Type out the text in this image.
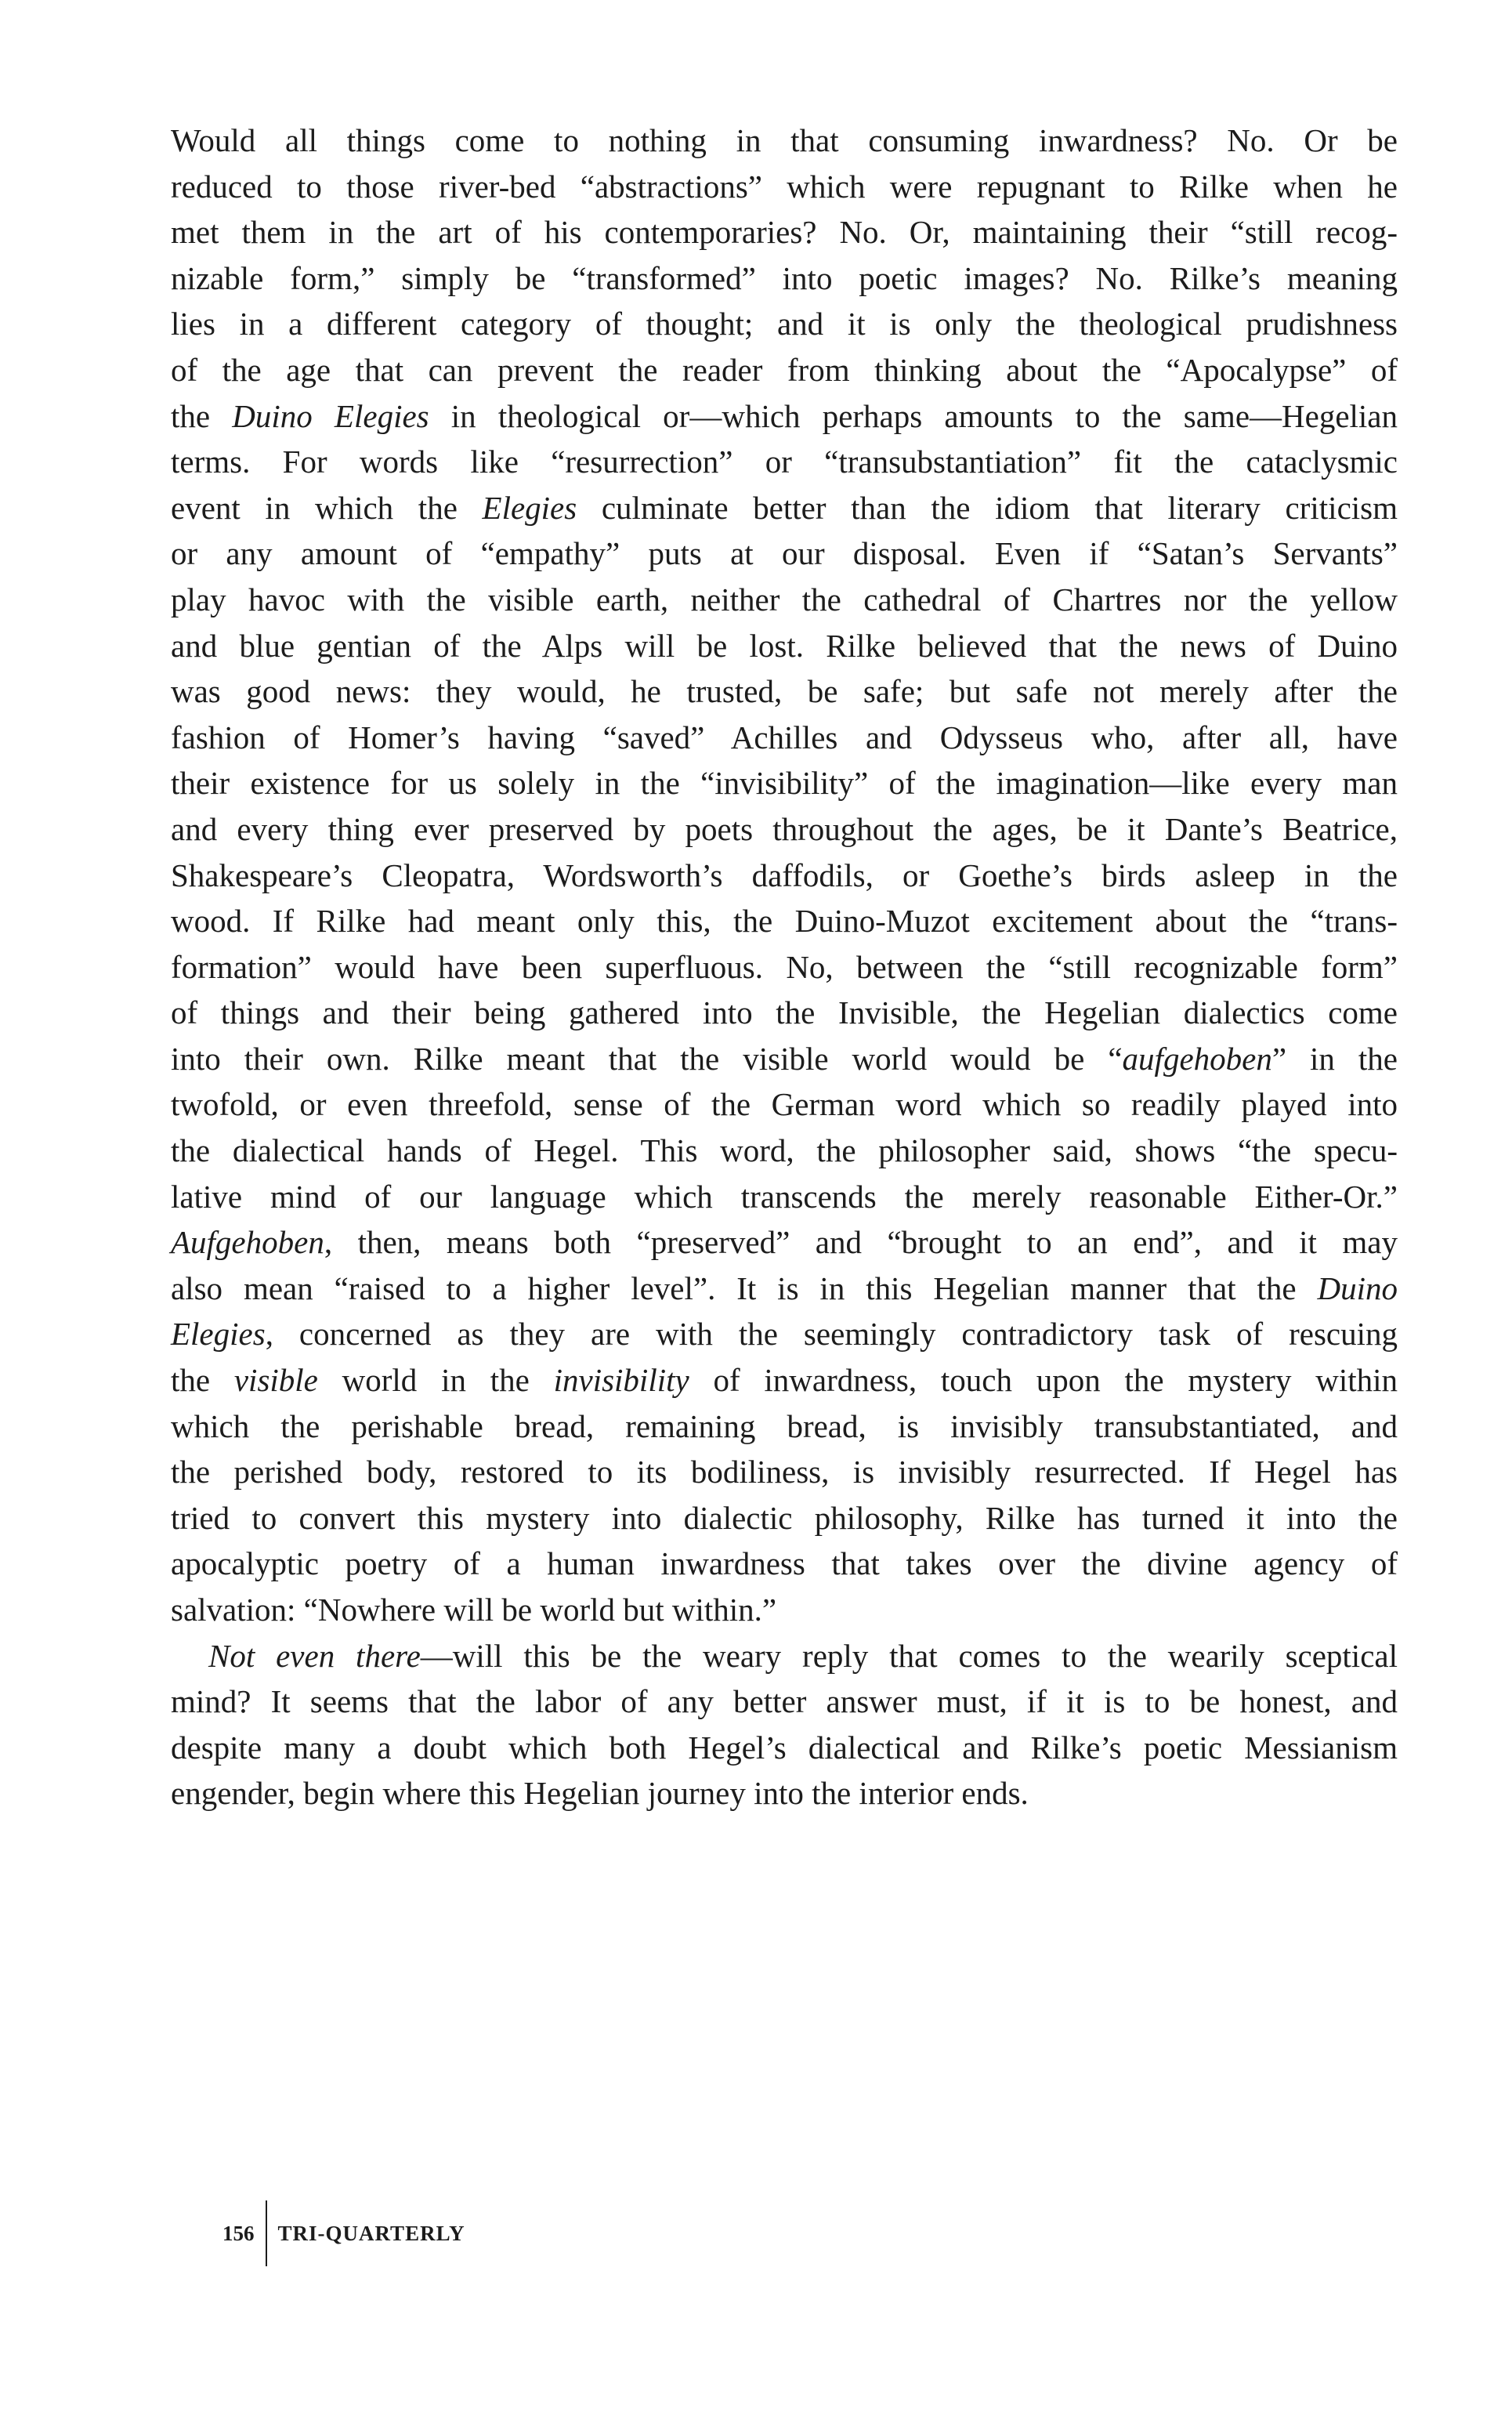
Would all things come to nothing in that consuming inwardness? No. Or be
reduced to those river-bed “abstractions” which were repugnant to Rilke when he
met them in the art of his contemporaries? No. Or, maintaining their “still recog-
nizable form,” simply be “transformed” into poetic images? No. Rilke’s meaning
lies in a different category of thought; and it is only the theological prudishness
of the age that can prevent the reader from thinking about the “Apocalypse” of
the Duino Elegies in theological or—which perhaps amounts to the same—Hegelian
terms. For words like “resurrection” or “transubstantiation” fit the cataclysmic
event in which the Elegies culminate better than the idiom that literary criticism
or any amount of “empathy” puts at our disposal. Even if “Satan’s Servants”
play havoc with the visible earth, neither the cathedral of Chartres nor the yellow
and blue gentian of the Alps will be lost. Rilke believed that the news of Duino
was good news: they would, he trusted, be safe; but safe not merely after the
fashion of Homer’s having “saved” Achilles and Odysseus who, after all, have
their existence for us solely in the “invisibility” of the imagination—like every man
and every thing ever preserved by poets throughout the ages, be it Dante’s Beatrice,
Shakespeare’s Cleopatra, Wordsworth’s daffodils, or Goethe’s birds asleep in the
wood. If Rilke had meant only this, the Duino-Muzot excitement about the “trans-
formation” would have been superfluous. No, between the “still recognizable form”
of things and their being gathered into the Invisible, the Hegelian dialectics come
into their own. Rilke meant that the visible world would be “aufgehoben” in the
twofold, or even threefold, sense of the German word which so readily played into
the dialectical hands of Hegel. This word, the philosopher said, shows “the specu-
lative mind of our language which transcends the merely reasonable Either-Or.”
Aufgehoben, then, means both “preserved” and “brought to an end”, and it may
also mean “raised to a higher level”. It is in this Hegelian manner that the Duino
Elegies, concerned as they are with the seemingly contradictory task of rescuing
the visible world in the invisibility of inwardness, touch upon the mystery within
which the perishable bread, remaining bread, is invisibly transubstantiated, and
the perished body, restored to its bodiliness, is invisibly resurrected. If Hegel has
tried to convert this mystery into dialectic philosophy, Rilke has turned it into the
apocalyptic poetry of a human inwardness that takes over the divine agency of
salvation: “Nowhere will be world but within.”
Not even there—will this be the weary reply that comes to the wearily sceptical
mind? It seems that the labor of any better answer must, if it is to be honest, and
despite many a doubt which both Hegel’s dialectical and Rilke’s poetic Messianism
engender, begin where this Hegelian journey into the interior ends.
156	TRI-QUARTERLY
